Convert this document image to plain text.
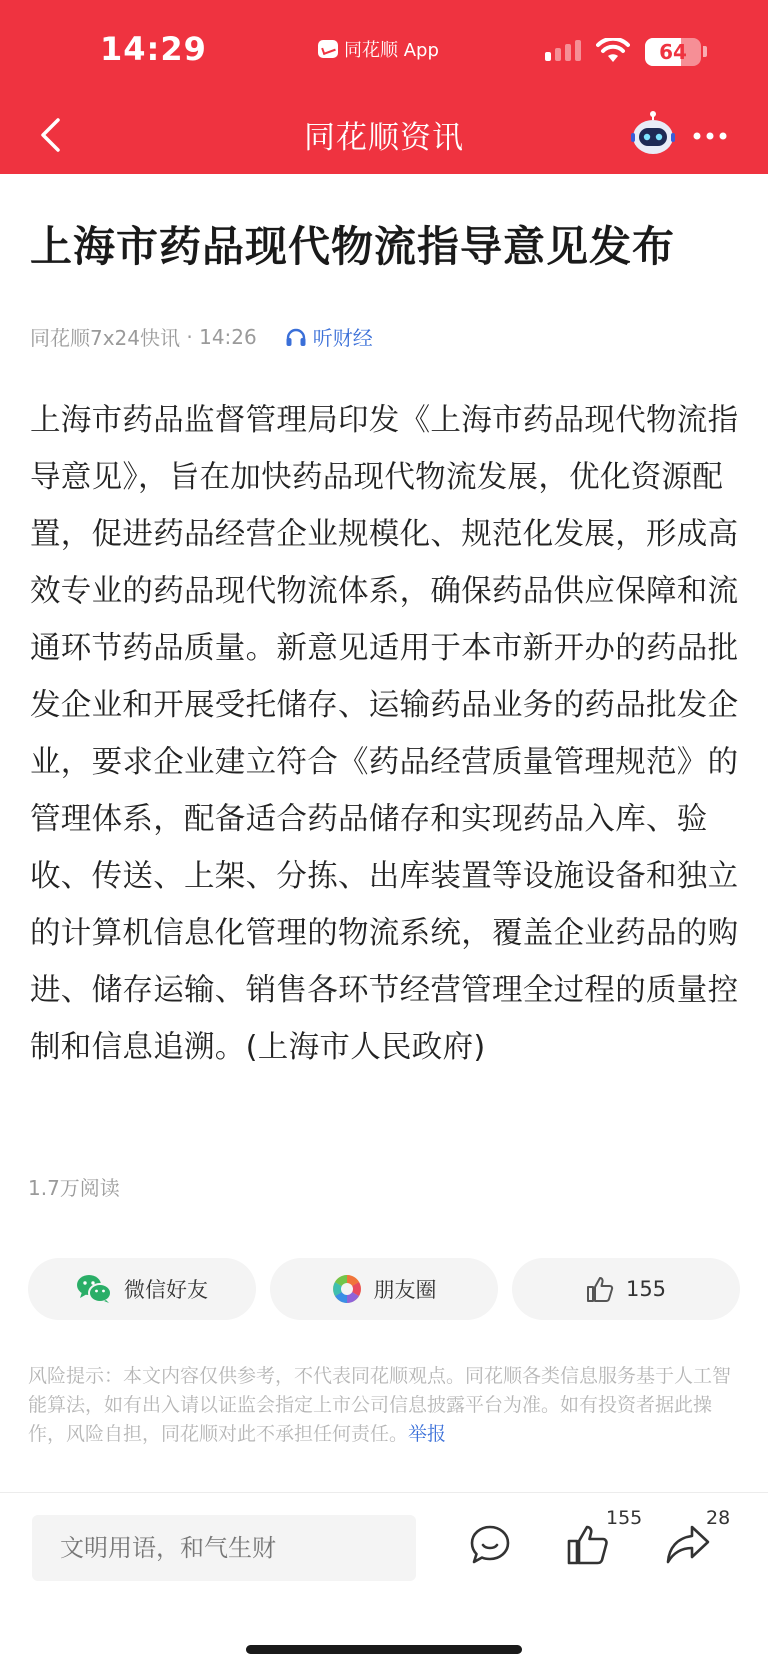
14:29	同花顺 App	64
同花顺资讯
上海市药品现代物流指导意见发布
同花顺7x24快讯 · 14:26	听财经

上海市药品监督管理局印发《上海市药品现代物流指导意见》，旨在加快药品现代物流发展，优化资源配置，促进药品经营企业规模化、规范化发展，形成高效专业的药品现代物流体系，确保药品供应保障和流通环节药品质量。新意见适用于本市新开办的药品批发企业和开展受托储存、运输药品业务的药品批发企业，要求企业建立符合《药品经营质量管理规范》的管理体系，配备适合药品储存和实现药品入库、验收、传送、上架、分拣、出库装置等设施设备和独立的计算机信息化管理的物流系统，覆盖企业药品的购进、储存运输、销售各环节经营管理全过程的质量控制和信息追溯。(上海市人民政府)

1.7万阅读
微信好友	朋友圈	155
风险提示：本文内容仅供参考，不代表同花顺观点。同花顺各类信息服务基于人工智能算法，如有出入请以证监会指定上市公司信息披露平台为准。如有投资者据此操作，风险自担，同花顺对此不承担任何责任。举报
文明用语，和气生财
155	28
